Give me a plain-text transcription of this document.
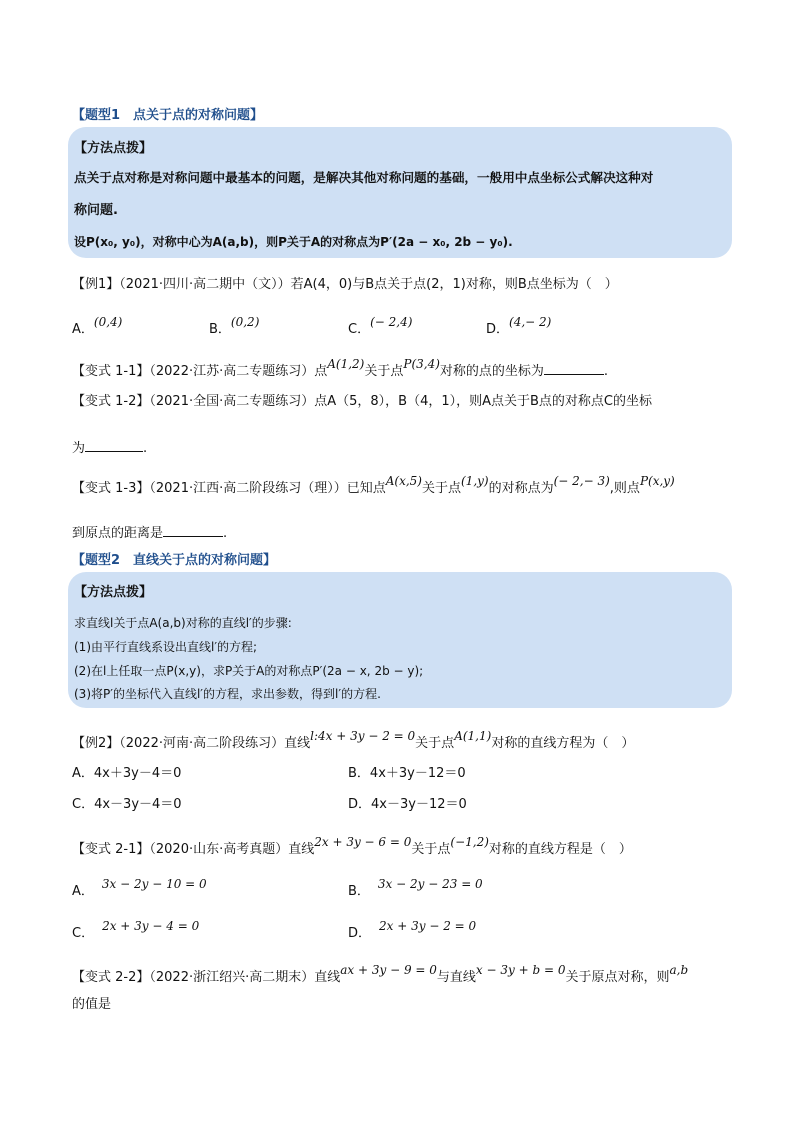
【题型1　点关于点的对称问题】
【方法点拨】
点关于点对称是对称问题中最基本的问题，是解决其他对称问题的基础，一般用中点坐标公式解决这种对
称问题.
设P(x₀, y₀)，对称中心为A(a,b)，则P关于A的对称点为P′(2a − x₀, 2b − y₀).
【例1】（2021·四川·高二期中（文））若A(4，0)与B点关于点(2，1)对称，则B点坐标为（　）
A．(0,4)	B．(0,2)	C．(− 2,4)	D．(4,− 2)
【变式 1-1】（2022·江苏·高二专题练习）点A(1,2)关于点P(3,4)对称的点的坐标为	.
【变式 1-2】（2021·全国·高二专题练习）点A（5，8），B（4，1），则A点关于B点的对称点C的坐标
为	.
【变式 1-3】（2021·江西·高二阶段练习（理））已知点A(x,5)关于点(1,y)的对称点为(− 2,− 3),则点P(x,y)
到原点的距离是	.
【题型2　直线关于点的对称问题】
【方法点拨】
求直线l关于点A(a,b)对称的直线l′的步骤:
(1)由平行直线系设出直线l′的方程;
(2)在l上任取一点P(x,y)，求P关于A的对称点P′(2a − x, 2b − y);
(3)将P′的坐标代入直线l′的方程，求出参数，得到l′的方程.
【例2】（2022·河南·高二阶段练习）直线l:4x + 3y − 2 = 0关于点A(1,1)对称的直线方程为（　）
A．4x＋3y－4＝0	B．4x＋3y－12＝0
C．4x－3y－4＝0	D．4x－3y－12＝0
【变式 2-1】（2020·山东·高考真题）直线2x + 3y − 6 = 0关于点(−1,2)对称的直线方程是（　）
A． 3x − 2y − 10 = 0	B． 3x − 2y − 23 = 0
C． 2x + 3y − 4 = 0	D． 2x + 3y − 2 = 0
【变式 2-2】（2022·浙江绍兴·高二期末）直线ax + 3y − 9 = 0与直线x − 3y + b = 0关于原点对称，则a,b
的值是
